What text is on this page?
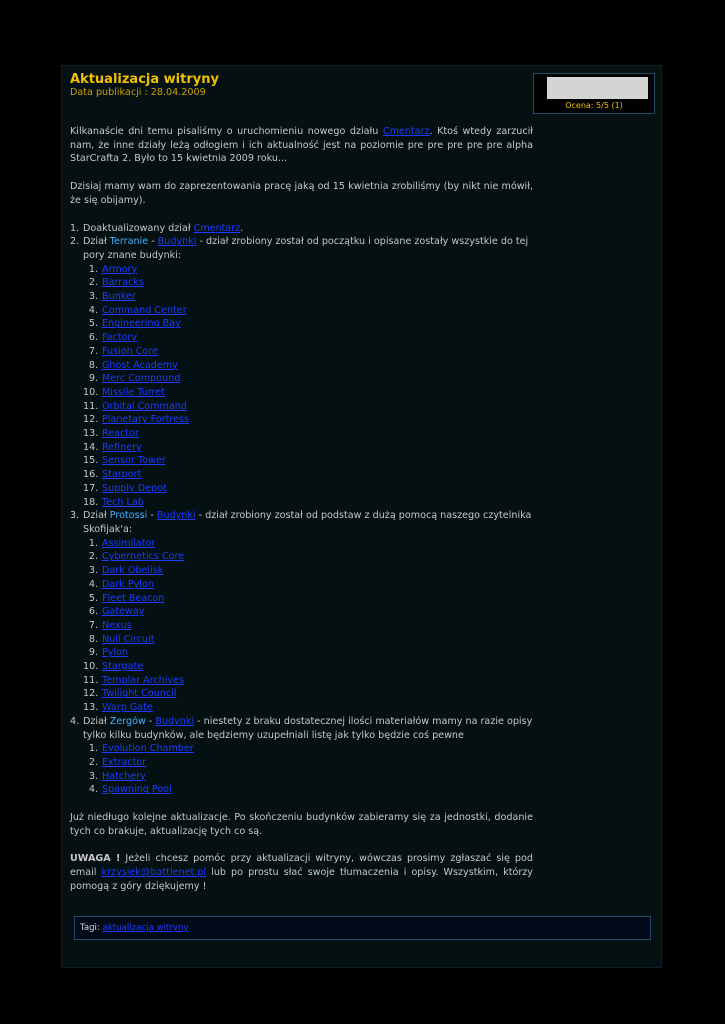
Aktualizacja witryny
Data publikacji : 28.04.2009
Ocena: 5/5 (1)

Kilkanaście dni temu pisaliśmy o uruchomieniu nowego działu Cmentarz. Ktoś wtedy zarzucił nam, że inne działy leżą odłogiem i ich aktualność jest na poziomie pre pre pre pre pre alpha StarCrafta 2. Było to 15 kwietnia 2009 roku...

Dzisiaj mamy wam do zaprezentowania pracę jaką od 15 kwietnia zrobiliśmy (by nikt nie mówił, że się obijamy).

1. Doaktualizowany dział Cmentarz.
2. Dział Terranie - Budynki - dział zrobiony został od początku i opisane zostały wszystkie do tej pory znane budynki:
1. Armory
2. Barracks
3. Bunker
4. Command Center
5. Engineering Bay
6. Factory
7. Fusion Core
8. Ghost Academy
9. Merc Compound
10. Missile Turret
11. Orbital Command
12. Planetary Fortress
13. Reactor
14. Refinery
15. Sensor Tower
16. Starport
17. Supply Depot
18. Tech Lab
3. Dział Protossi - Budynki - dział zrobiony został od podstaw z dużą pomocą naszego czytelnika Skofijak'a:
1. Assimilator
2. Cybernetics Core
3. Dark Obelisk
4. Dark Pylon
5. Fleet Beacon
6. Gateway
7. Nexus
8. Null Circuit
9. Pylon
10. Stargate
11. Templar Archives
12. Twilight Council
13. Warp Gate
4. Dział Zergów - Budynki - niestety z braku dostatecznej ilości materiałów mamy na razie opisy tylko kilku budynków, ale będziemy uzupełniali listę jak tylko będzie coś pewne
1. Evolution Chamber
2. Extractor
3. Hatchery
4. Spawning Pool

Już niedługo kolejne aktualizacje. Po skończeniu budynków zabieramy się za jednostki, dodanie tych co brakuje, aktualizację tych co są.

UWAGA ! Jeżeli chcesz pomóc przy aktualizacji witryny, wówczas prosimy zgłaszać się pod email krzysiek@battlenet.pl lub po prostu słać swoje tłumaczenia i opisy. Wszystkim, którzy pomogą z góry dziękujemy !

Tagi: aktualizacja witryny
